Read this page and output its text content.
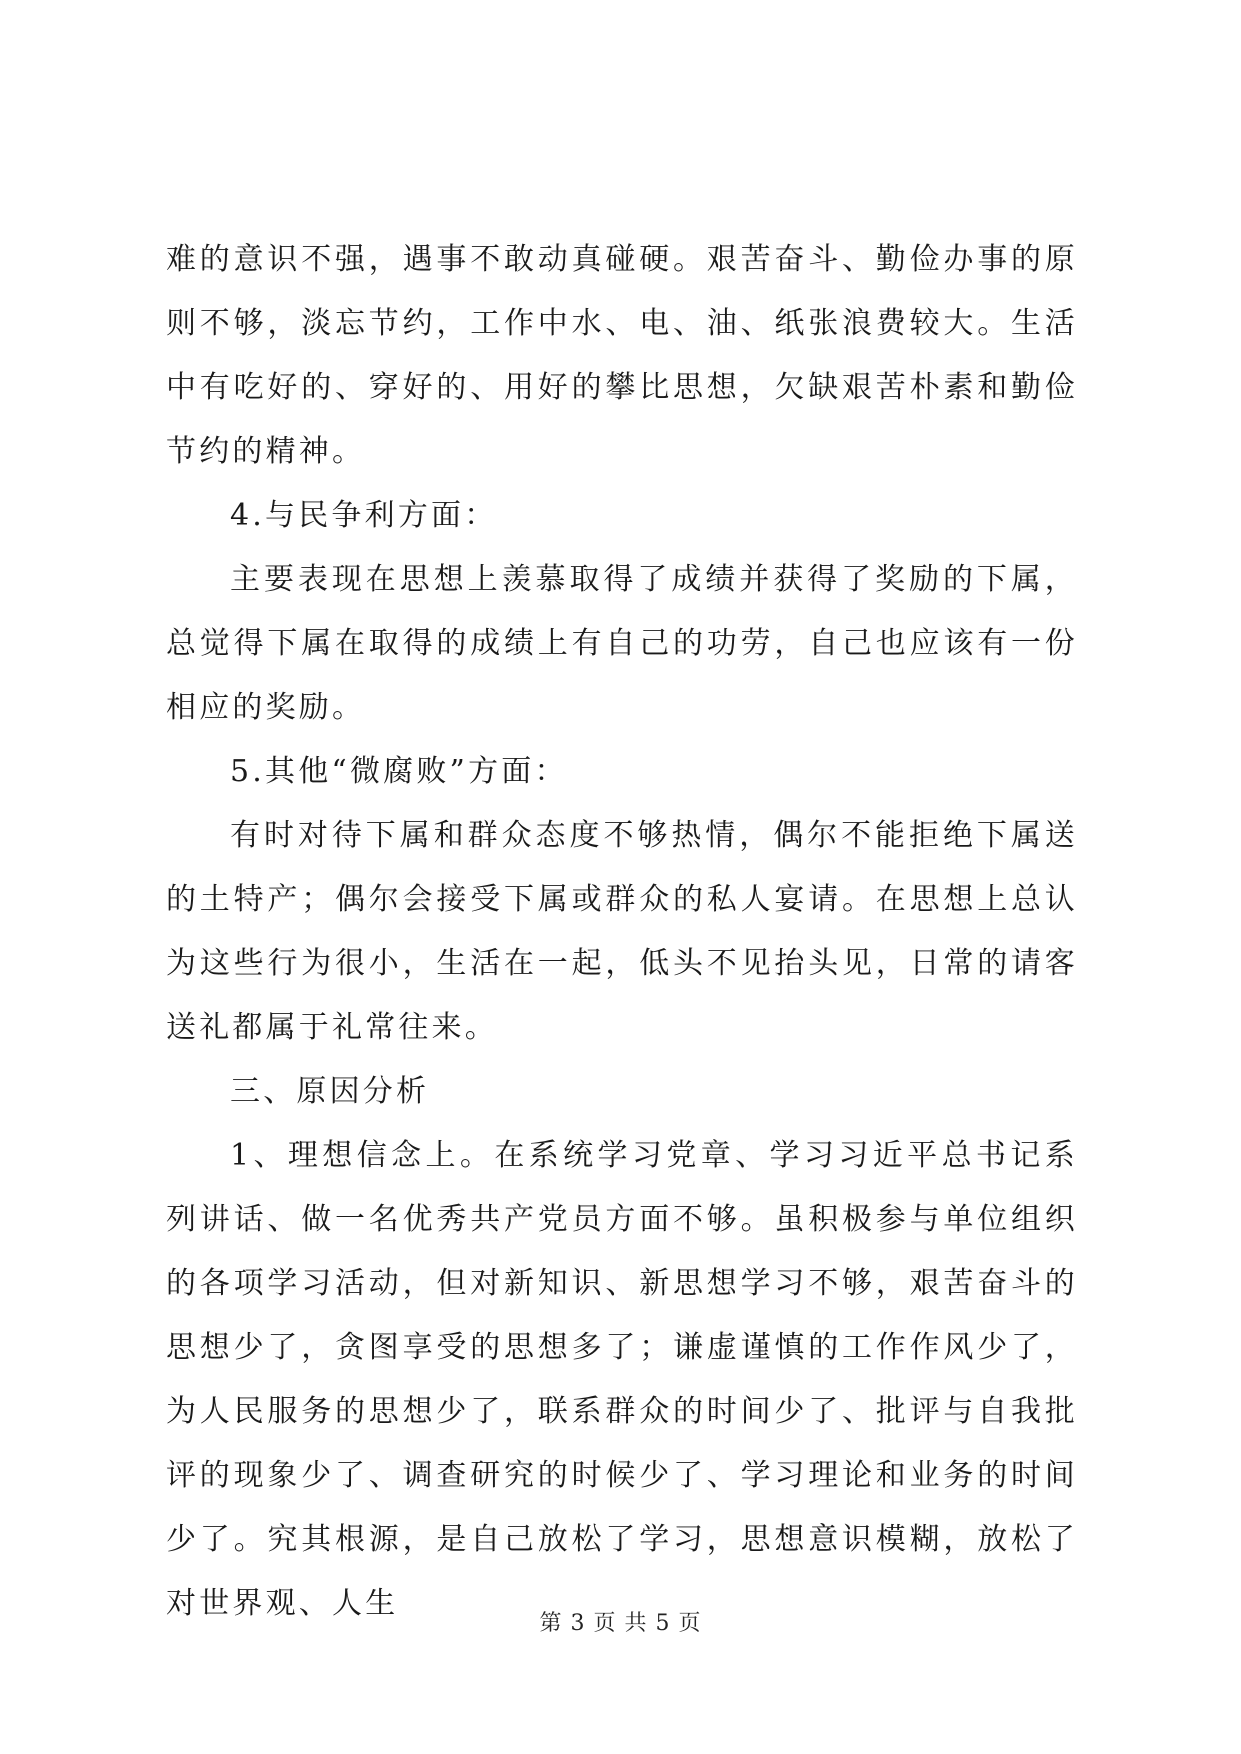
难的意识不强，遇事不敢动真碰硬。艰苦奋斗、勤俭办事的原则不够，淡忘节约，工作中水、电、油、纸张浪费较大。生活中有吃好的、穿好的、用好的攀比思想，欠缺艰苦朴素和勤俭节约的精神。

4.与民争利方面：

主要表现在思想上羡慕取得了成绩并获得了奖励的下属，总觉得下属在取得的成绩上有自己的功劳，自己也应该有一份相应的奖励。

5.其他“微腐败”方面：

有时对待下属和群众态度不够热情，偶尔不能拒绝下属送的土特产；偶尔会接受下属或群众的私人宴请。在思想上总认为这些行为很小，生活在一起，低头不见抬头见，日常的请客送礼都属于礼常往来。

三、原因分析

1、理想信念上。在系统学习党章、学习习近平总书记系列讲话、做一名优秀共产党员方面不够。虽积极参与单位组织的各项学习活动，但对新知识、新思想学习不够，艰苦奋斗的思想少了，贪图享受的思想多了；谦虚谨慎的工作作风少了，为人民服务的思想少了，联系群众的时间少了、批评与自我批评的现象少了、调查研究的时候少了、学习理论和业务的时间少了。究其根源，是自己放松了学习，思想意识模糊，放松了对世界观、人生

第 3 页 共 5 页
